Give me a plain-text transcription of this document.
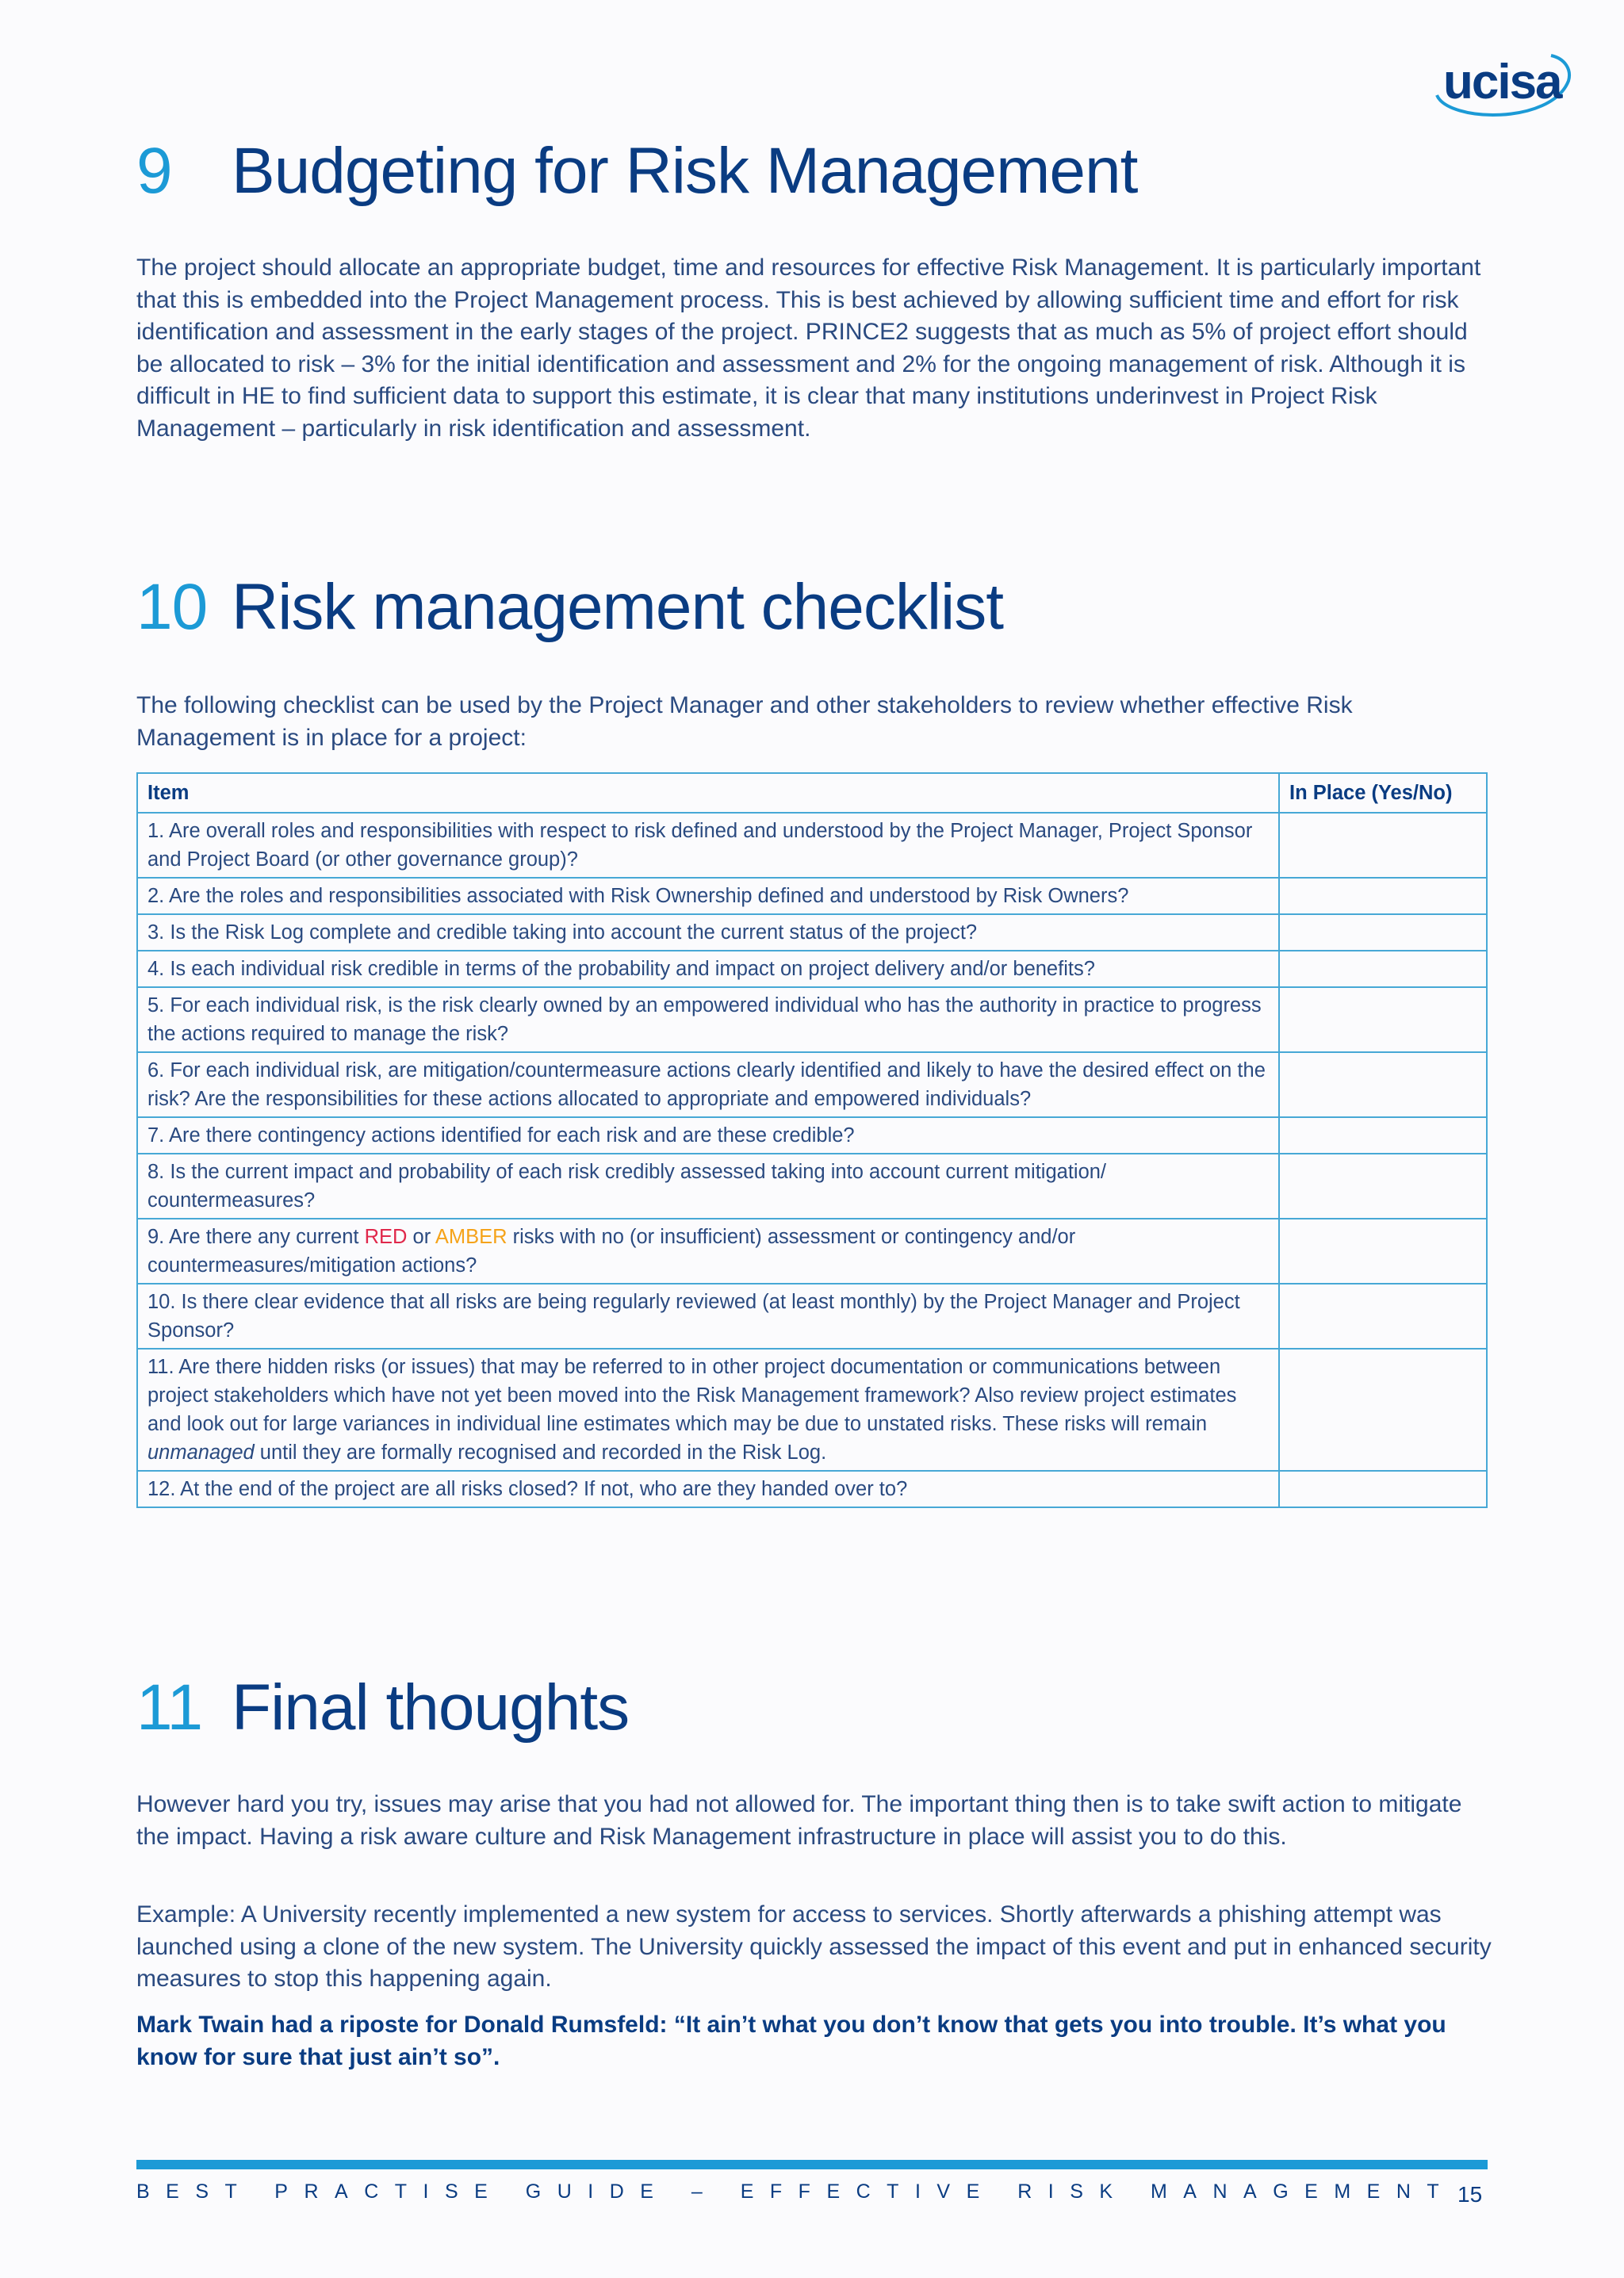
ucisa
9 Budgeting for Risk Management

The project should allocate an appropriate budget, time and resources for effective Risk Management. It is particularly important that this is embedded into the Project Management process. This is best achieved by allowing sufficient time and effort for risk identification and assessment in the early stages of the project. PRINCE2 suggests that as much as 5% of project effort should be allocated to risk – 3% for the initial identification and assessment and 2% for the ongoing management of risk. Although it is difficult in HE to find sufficient data to support this estimate, it is clear that many institutions underinvest in Project Risk Management – particularly in risk identification and assessment.

10 Risk management checklist

The following checklist can be used by the Project Manager and other stakeholders to review whether effective Risk Management is in place for a project:

Item	In Place (Yes/No)
1. Are overall roles and responsibilities with respect to risk defined and understood by the Project Manager, Project Sponsor and Project Board (or other governance group)?	
2. Are the roles and responsibilities associated with Risk Ownership defined and understood by Risk Owners?	
3. Is the Risk Log complete and credible taking into account the current status of the project?	
4. Is each individual risk credible in terms of the probability and impact on project delivery and/or benefits?	
5. For each individual risk, is the risk clearly owned by an empowered individual who has the authority in practice to progress the actions required to manage the risk?	
6. For each individual risk, are mitigation/countermeasure actions clearly identified and likely to have the desired effect on the risk? Are the responsibilities for these actions allocated to appropriate and empowered individuals?	
7. Are there contingency actions identified for each risk and are these credible?	
8. Is the current impact and probability of each risk credibly assessed taking into account current mitigation/ countermeasures?	
9. Are there any current RED or AMBER risks with no (or insufficient) assessment or contingency and/or countermeasures/mitigation actions?	
10. Is there clear evidence that all risks are being regularly reviewed (at least monthly) by the Project Manager and Project Sponsor?	
11. Are there hidden risks (or issues) that may be referred to in other project documentation or communications between project stakeholders which have not yet been moved into the Risk Management framework? Also review project estimates and look out for large variances in individual line estimates which may be due to unstated risks. These risks will remain unmanaged until they are formally recognised and recorded in the Risk Log.	
12. At the end of the project are all risks closed? If not, who are they handed over to?	
11 Final thoughts

However hard you try, issues may arise that you had not allowed for. The important thing then is to take swift action to mitigate the impact. Having a risk aware culture and Risk Management infrastructure in place will assist you to do this.

Example: A University recently implemented a new system for access to services. Shortly afterwards a phishing attempt was launched using a clone of the new system. The University quickly assessed the impact of this event and put in enhanced security measures to stop this happening again.

Mark Twain had a riposte for Donald Rumsfeld: “It ain’t what you don’t know that gets you into trouble. It’s what you know for sure that just ain’t so”.

BEST PRACTISE GUIDE – EFFECTIVE RISK MANAGEMENT 15
